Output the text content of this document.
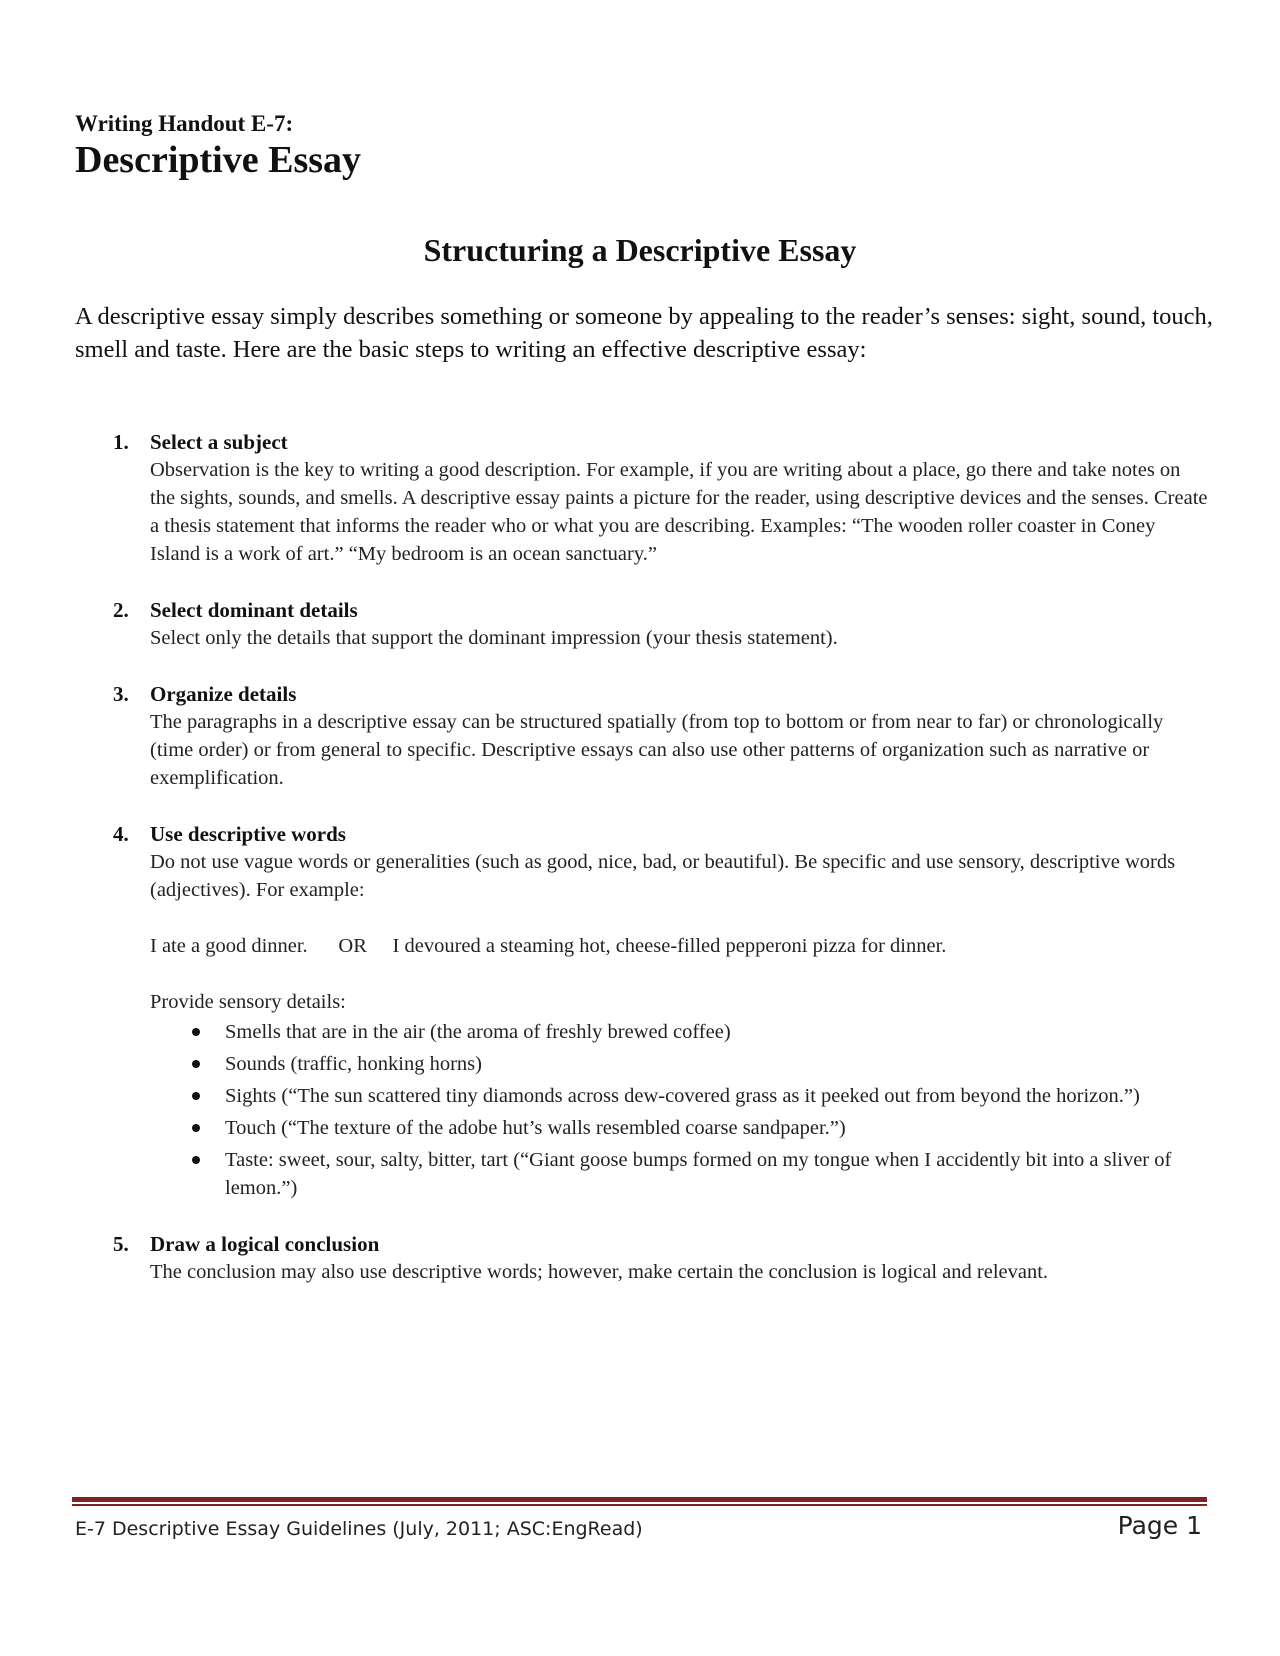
Writing Handout E-7:
Descriptive Essay
Structuring a Descriptive Essay
A descriptive essay simply describes something or someone by appealing to the reader’s senses: sight, sound, touch, smell and taste. Here are the basic steps to writing an effective descriptive essay:
1. Select a subject
Observation is the key to writing a good description. For example, if you are writing about a place, go there and take notes on the sights, sounds, and smells. A descriptive essay paints a picture for the reader, using descriptive devices and the senses. Create a thesis statement that informs the reader who or what you are describing. Examples: “The wooden roller coaster in Coney Island is a work of art.” “My bedroom is an ocean sanctuary.”
2. Select dominant details
Select only the details that support the dominant impression (your thesis statement).
3. Organize details
The paragraphs in a descriptive essay can be structured spatially (from top to bottom or from near to far) or chronologically (time order) or from general to specific. Descriptive essays can also use other patterns of organization such as narrative or exemplification.
4. Use descriptive words
Do not use vague words or generalities (such as good, nice, bad, or beautiful). Be specific and use sensory, descriptive words (adjectives). For example:
I ate a good dinner.      OR     I devoured a steaming hot, cheese-filled pepperoni pizza for dinner.
Provide sensory details:
Smells that are in the air (the aroma of freshly brewed coffee)
Sounds (traffic, honking horns)
Sights (“The sun scattered tiny diamonds across dew-covered grass as it peeked out from beyond the horizon.”)
Touch (“The texture of the adobe hut’s walls resembled coarse sandpaper.”)
Taste: sweet, sour, salty, bitter, tart (“Giant goose bumps formed on my tongue when I accidently bit into a sliver of lemon.”)
5. Draw a logical conclusion
The conclusion may also use descriptive words; however, make certain the conclusion is logical and relevant.
E-7 Descriptive Essay Guidelines (July, 2011; ASC:EngRead)	Page 1
